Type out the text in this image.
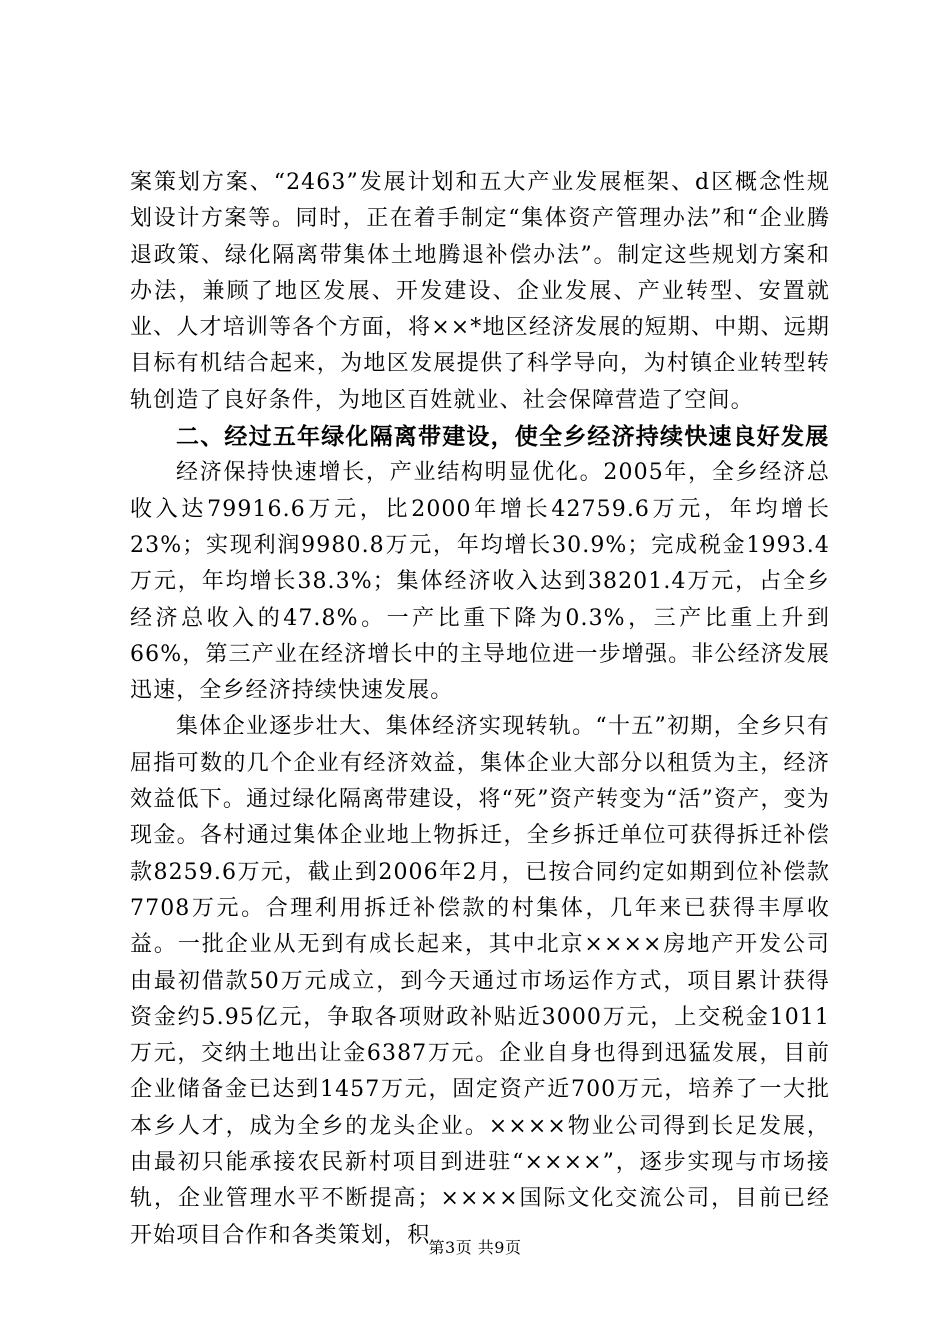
案策划方案、“2463”发展计划和五大产业发展框架、d区概念性规划设计方案等。同时，正在着手制定“集体资产管理办法”和“企业腾退政策、绿化隔离带集体土地腾退补偿办法”。制定这些规划方案和办法，兼顾了地区发展、开发建设、企业发展、产业转型、安置就业、人才培训等各个方面，将××*地区经济发展的短期、中期、远期目标有机结合起来，为地区发展提供了科学导向，为村镇企业转型转轨创造了良好条件，为地区百姓就业、社会保障营造了空间。

二、经过五年绿化隔离带建设，使全乡经济持续快速良好发展

经济保持快速增长，产业结构明显优化。2005年，全乡经济总收入达79916.6万元，比2000年增长42759.6万元，年均增长23%；实现利润9980.8万元，年均增长30.9%；完成税金1993.4万元，年均增长38.3%；集体经济收入达到38201.4万元，占全乡经济总收入的47.8%。一产比重下降为0.3%，三产比重上升到66%，第三产业在经济增长中的主导地位进一步增强。非公经济发展迅速，全乡经济持续快速发展。

集体企业逐步壮大、集体经济实现转轨。“十五”初期，全乡只有屈指可数的几个企业有经济效益，集体企业大部分以租赁为主，经济效益低下。通过绿化隔离带建设，将“死”资产转变为“活”资产，变为现金。各村通过集体企业地上物拆迁，全乡拆迁单位可获得拆迁补偿款8259.6万元，截止到2006年2月，已按合同约定如期到位补偿款7708万元。合理利用拆迁补偿款的村集体，几年来已获得丰厚收益。一批企业从无到有成长起来，其中北京××××房地产开发公司由最初借款50万元成立，到今天通过市场运作方式，项目累计获得资金约5.95亿元，争取各项财政补贴近3000万元，上交税金1011万元，交纳土地出让金6387万元。企业自身也得到迅猛发展，目前企业储备金已达到1457万元，固定资产近700万元，培养了一大批本乡人才，成为全乡的龙头企业。××××物业公司得到长足发展，由最初只能承接农民新村项目到进驻“××××”，逐步实现与市场接轨，企业管理水平不断提高；××××国际文化交流公司，目前已经开始项目合作和各类策划，积

第3页 共9页
